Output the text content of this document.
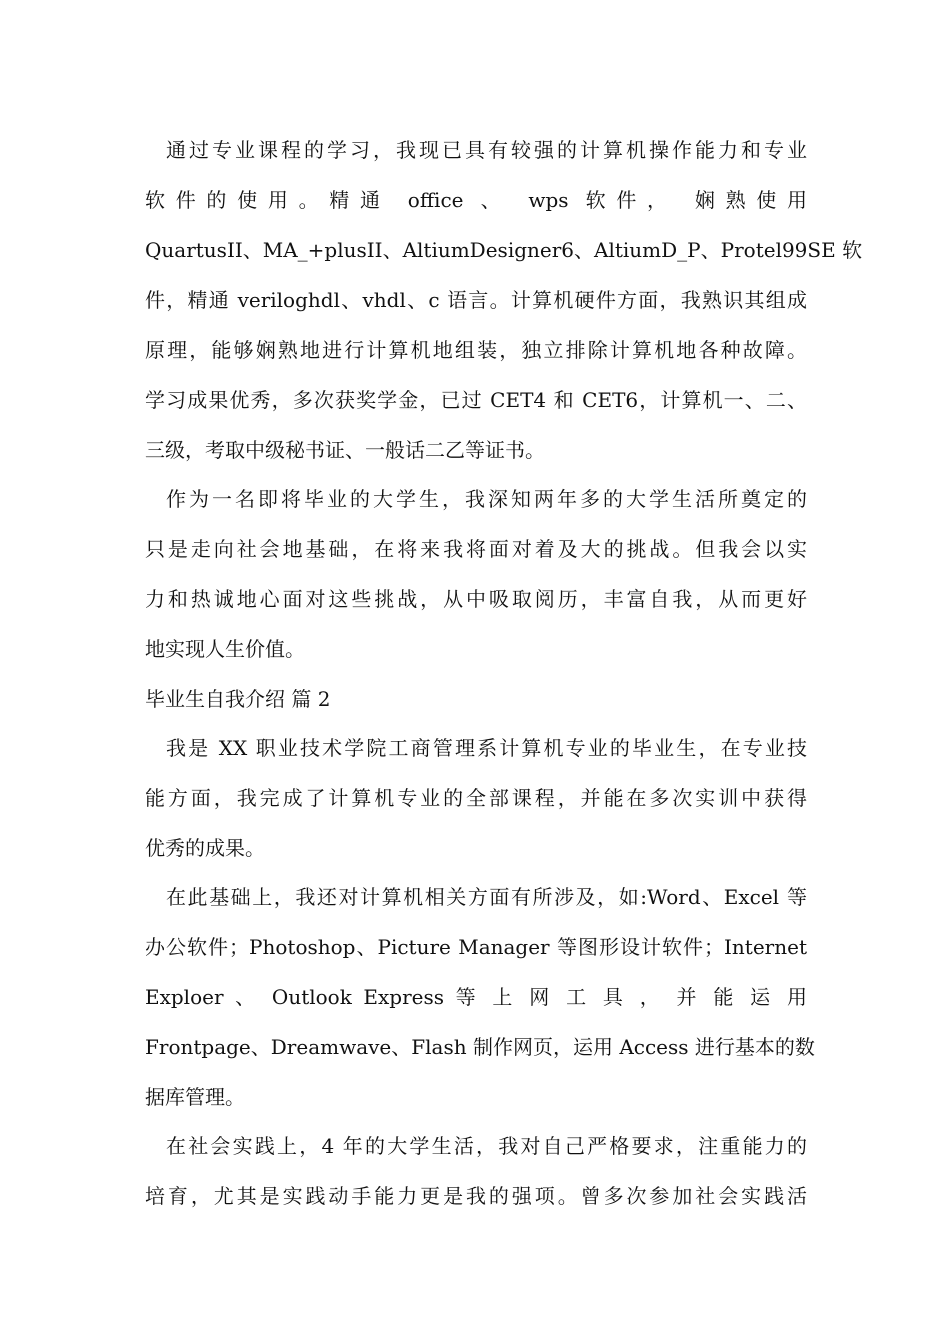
通过专业课程的学习，我现已具有较强的计算机操作能力和专业
软件的使用。精通 office 、 wps 软件， 娴熟使用
QuartusII、MA_+plusII、AltiumDesigner6、AltiumD_P、Protel99SE 软
件，精通 veriloghdl、vhdl、c 语言。计算机硬件方面，我熟识其组成
原理，能够娴熟地进行计算机地组装，独立排除计算机地各种故障。
学习成果优秀，多次获奖学金，已过 CET4 和 CET6，计算机一、二、
三级，考取中级秘书证、一般话二乙等证书。
作为一名即将毕业的大学生，我深知两年多的大学生活所奠定的
只是走向社会地基础，在将来我将面对着及大的挑战。但我会以实
力和热诚地心面对这些挑战，从中吸取阅历，丰富自我，从而更好
地实现人生价值。
毕业生自我介绍 篇 2
我是 XX 职业技术学院工商管理系计算机专业的毕业生，在专业技
能方面，我完成了计算机专业的全部课程，并能在多次实训中获得
优秀的成果。
在此基础上，我还对计算机相关方面有所涉及，如:Word、Excel 等
办公软件；Photoshop、Picture Manager 等图形设计软件；Internet
Exploer 、 Outlook Express 等 上 网 工 具 ， 并 能 运 用
Frontpage、Dreamwave、Flash 制作网页，运用 Access 进行基本的数
据库管理。
在社会实践上，4 年的大学生活，我对自己严格要求，注重能力的
培育，尤其是实践动手能力更是我的强项。曾多次参加社会实践活
